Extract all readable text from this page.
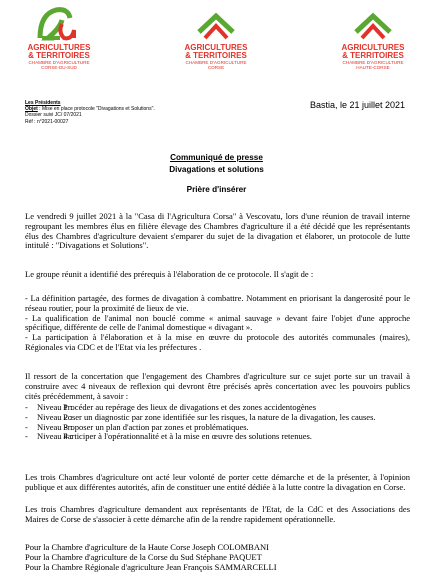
AGRICULTURES
& TERRITOIRES
CHAMBRE D'AGRICULTURE
CORSE-DU-SUD
AGRICULTURES
& TERRITOIRES
CHAMBRE D'AGRICULTURE
CORSE
AGRICULTURES
& TERRITOIRES
CHAMBRE D'AGRICULTURE
HAUTE-CORSE
Les Présidents
Objet : Mise en place protocole "Divagations et Solutions".
Dossier suivi JC/ 07/2021
Réf : n°2021-00027
Bastia, le 21 juillet 2021
Communiqué de presse
Divagations et solutions
Prière d'insérer

Le vendredi 9 juillet 2021 à la "Casa di l'Agricultura Corsa" à Vescovatu, lors d'une réunion de travail interne regroupant les membres élus en filière élevage des Chambres d'agriculture il a été décidé que les représentants élus des Chambres d'agriculture devaient s'emparer du sujet de la divagation et élaborer, un protocole de lutte intitulé : "Divagations et Solutions".

Le groupe réunit a identifié des prérequis à l'élaboration de ce protocole. Il s'agit de :

- La définition partagée, des formes de divagation à combattre. Notamment en priorisant la dangerosité pour le réseau routier, pour la proximité de lieux de vie.

- La qualification de l'animal non bouclé comme « animal sauvage » devant faire l'objet d'une approche spécifique, différente de celle de l'animal domestique « divagant ».

- La participation à l'élaboration et à la mise en œuvre du protocole des autorités communales (maires), Régionales via CDC et de l'Etat via les préfectures .

Il ressort de la concertation que l'engagement des Chambres d'agriculture sur ce sujet porte sur un travail à construire avec 4 niveaux de reflexion qui devront être précisés après concertation avec les pouvoirs publics cités précédemment, à savoir :

- Niveau 1 :
Procéder au repérage des lieux de divagations et des zones accidentogènes
- Niveau 2 :
Poser un diagnostic par zone identifiée sur les risques, la nature de la divagation, les causes.
- Niveau 3 :
Proposer un plan d'action par zones et problématiques.
- Niveau 4 :
Participer à l'opérationnalité et à la mise en œuvre des solutions retenues.

Les trois Chambres d'agriculture ont acté leur volonté de porter cette démarche et de la présenter, à l'opinion publique et aux différentes autorités, afin de constituer une entité dédiée à la lutte contre la divagation en Corse.

Les trois Chambres d'agriculture demandent aux représentants de l'Etat, de la CdC et des Associations des Maires de Corse de s'associer à cette démarche afin de la rendre rapidement opérationnelle.

Pour la Chambre d'agriculture de la Haute Corse Joseph COLOMBANI
Pour la Chambre d'agriculture de la Corse du Sud Stéphane PAQUET
Pour la Chambre Régionale d'agriculture Jean François SAMMARCELLI
